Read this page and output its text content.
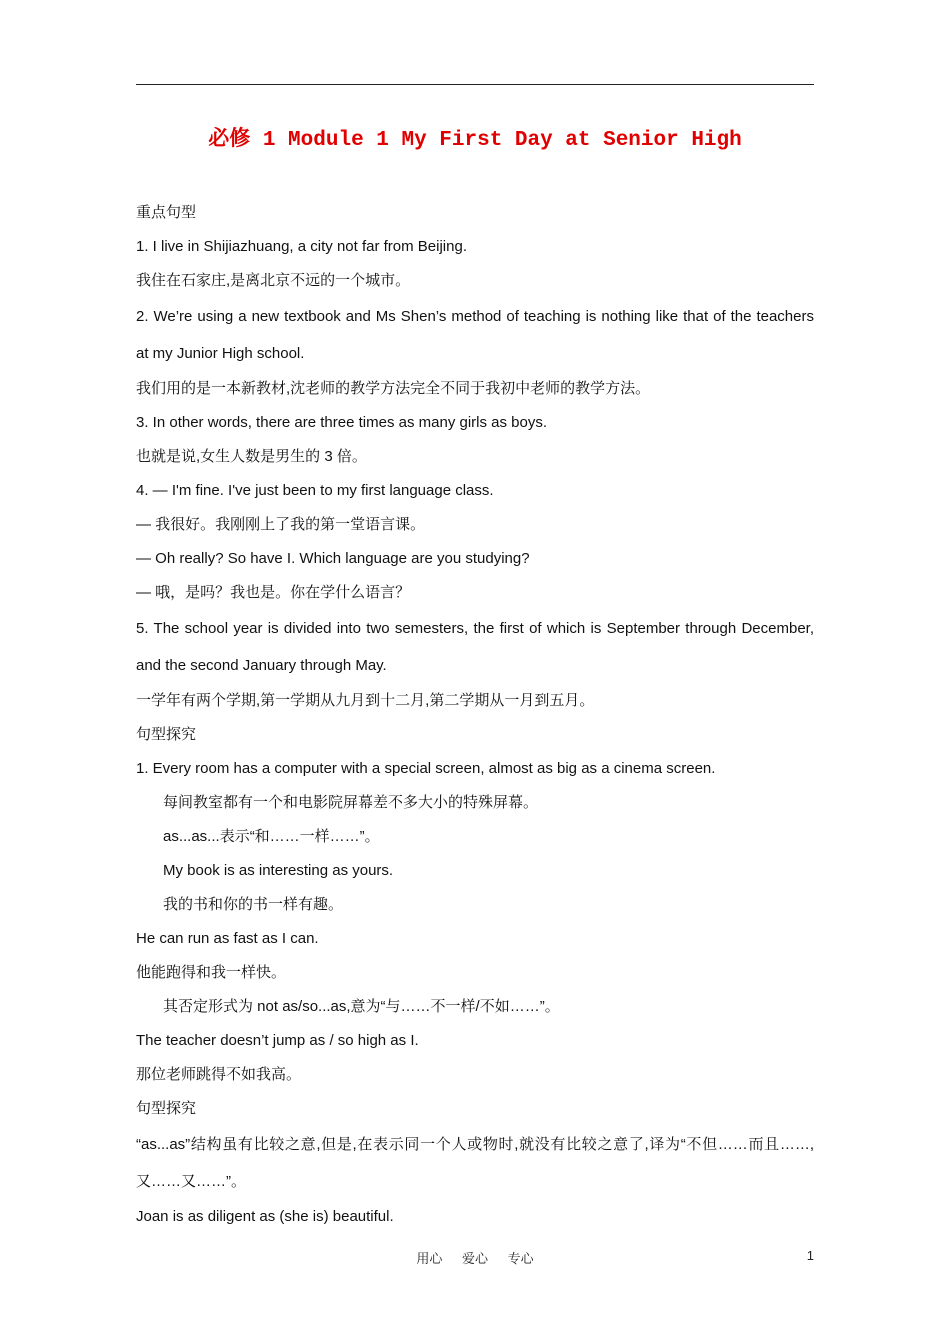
必修 1 Module 1 My First Day at Senior High

重点句型

1. I live in Shijiazhuang, a city not far from Beijing.

我住在石家庄,是离北京不远的一个城市。

2. We’re using a new textbook and Ms Shen’s method of teaching is nothing like that of the teachers at my Junior High school.

我们用的是一本新教材,沈老师的教学方法完全不同于我初中老师的教学方法。

3. In other words, there are three times as many girls as boys.

也就是说,女生人数是男生的 3 倍。

4. — I'm fine. I've just been to my first language class.

— 我很好。我刚刚上了我的第一堂语言课。

— Oh really? So have I. Which language are you studying?

— 哦，是吗？我也是。你在学什么语言？

5. The school year is divided into two semesters, the first of which is September through December, and the second January through May.

一学年有两个学期,第一学期从九月到十二月,第二学期从一月到五月。

句型探究

1. Every room has a computer with a special screen, almost as big as a cinema screen.

每间教室都有一个和电影院屏幕差不多大小的特殊屏幕。

as...as...表示“和……一样……”。

My book is as interesting as yours.

我的书和你的书一样有趣。

He can run as fast as I can.

他能跑得和我一样快。

其否定形式为 not as/so...as,意为“与……不一样/不如……”。

The teacher doesn’t jump as / so high as I.

那位老师跳得不如我高。

句型探究

“as...as”结构虽有比较之意,但是,在表示同一个人或物时,就没有比较之意了,译为“不但……而且……,又……又……”。

Joan is as diligent as (she is) beautiful.

用心 爱心 专心	1
